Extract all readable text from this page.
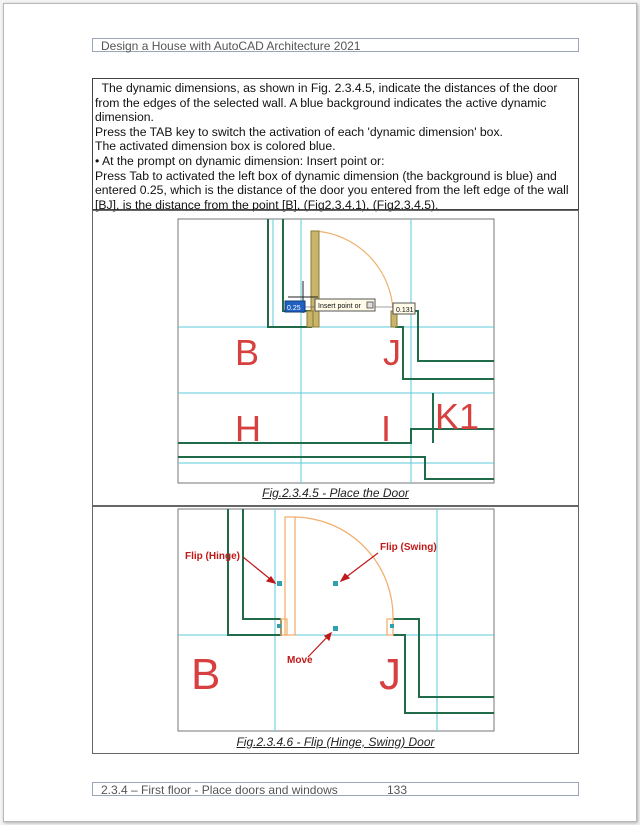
Design a House with AutoCAD Architecture 2021

The dynamic dimensions, as shown in Fig. 2.3.4.5, indicate the distances of the door

from the edges of the selected wall. A blue background indicates the active dynamic

dimension.

Press the TAB key to switch the activation of each 'dynamic dimension' box.

The activated dimension box is colored blue.

• At the prompt on dynamic dimension: Insert point or:

Press Tab to activated the left box of dynamic dimension (the background is blue) and

entered 0.25, which is the distance of the door you entered from the left edge of the wall

[BJ], is the distance from the point [B], (Fig2.3.4.1), (Fig2.3.4.5).

0.25 Insert point or
0.131
B	J
H	I K1
Fig.2.3.4.5 - Place the Door
Flip (Hinge)
Flip (Swing)
Move
B	J
Fig.2.3.4.6 - Flip (Hinge, Swing) Door
2.3.4 – First floor - Place doors and windows	133
